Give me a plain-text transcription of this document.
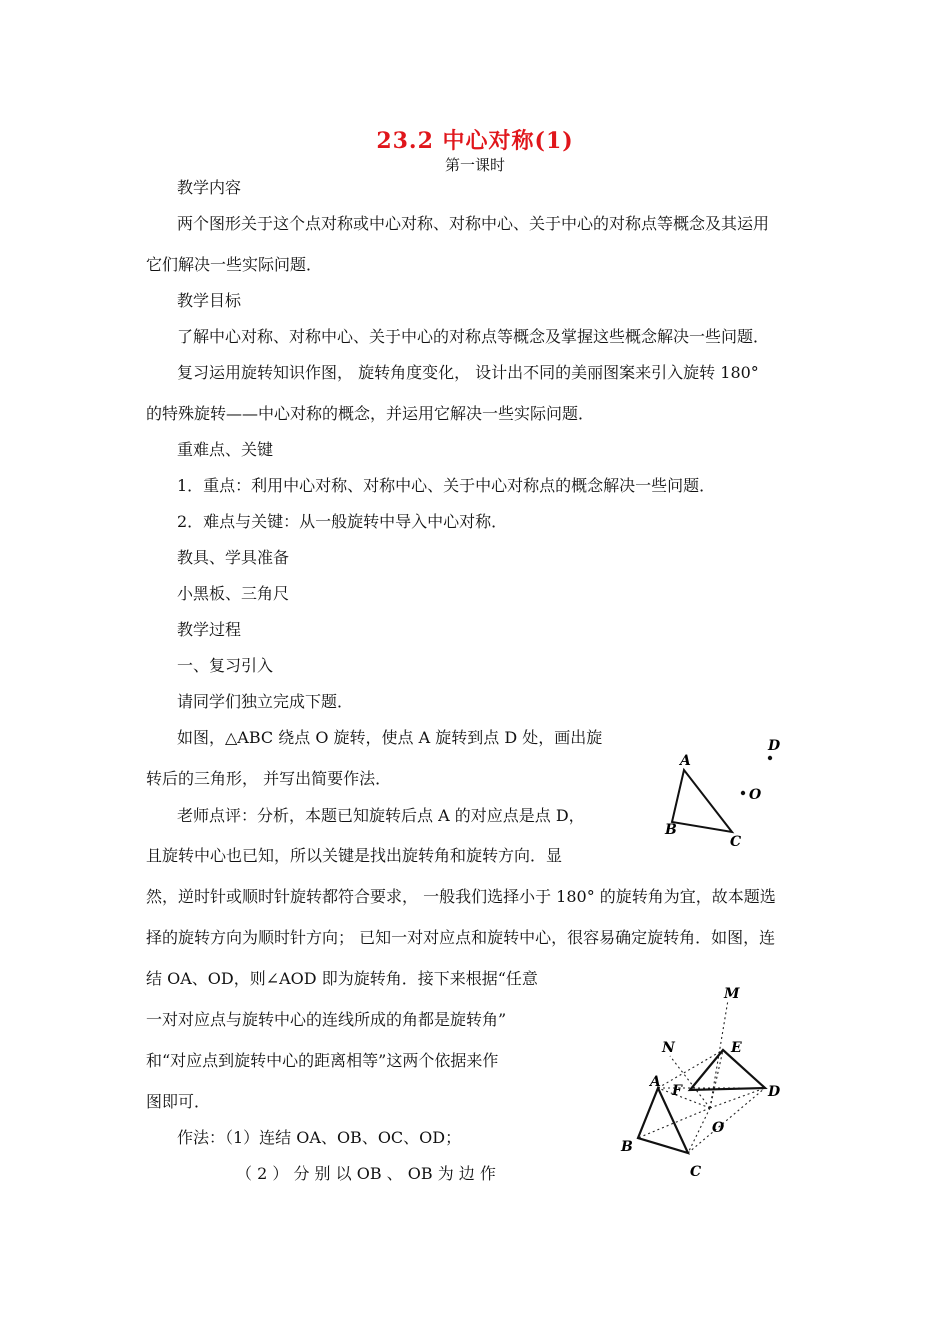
23.2 中心对称(1)
第一课时
教学内容
两个图形关于这个点对称或中心对称、对称中心、关于中心的对称点等概念及其运用
它们解决一些实际问题．
教学目标
了解中心对称、对称中心、关于中心的对称点等概念及掌握这些概念解决一些问题．
复习运用旋转知识作图， 旋转角度变化， 设计出不同的美丽图案来引入旋转 180°
的特殊旋转——中心对称的概念，并运用它解决一些实际问题．
重难点、关键
1．重点：利用中心对称、对称中心、关于中心对称点的概念解决一些问题．
2．难点与关键：从一般旋转中导入中心对称．
教具、学具准备
小黑板、三角尺
教学过程
一、复习引入
请同学们独立完成下题．
如图，△ABC 绕点 O 旋转，使点 A 旋转到点 D 处，画出旋
转后的三角形， 并写出简要作法．
老师点评：分析，本题已知旋转后点 A 的对应点是点 D，
且旋转中心也已知，所以关键是找出旋转角和旋转方向．显
然，逆时针或顺时针旋转都符合要求， 一般我们选择小于 180° 的旋转角为宜，故本题选
择的旋转方向为顺时针方向； 已知一对对应点和旋转中心，很容易确定旋转角．如图，连
结 OA、OD，则∠AOD 即为旋转角．接下来根据“任意
一对对应点与旋转中心的连线所成的角都是旋转角”
和“对应点到旋转中心的距离相等”这两个依据来作
图即可．
作法：（1）连结 OA、OB、OC、OD；
（ 2 ） 分 别 以 OB 、 OB 为 边 作
A
B
C
O
D
M
N	E
A
F	D
O
B
C
